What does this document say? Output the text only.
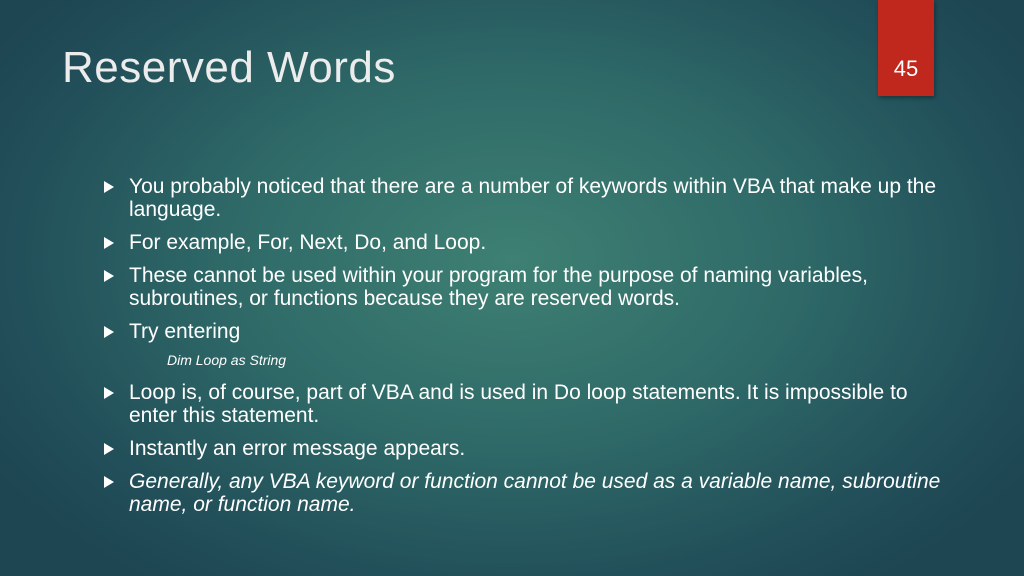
Reserved Words	45
You probably noticed that there are a number of keywords within VBA that make up the language.
For example, For, Next, Do, and Loop.
These cannot be used within your program for the purpose of naming variables, subroutines, or functions because they are reserved words.
Try entering
Dim Loop as String
Loop is, of course, part of VBA and is used in Do loop statements. It is impossible to enter this statement.
Instantly an error message appears.
Generally, any VBA keyword or function cannot be used as a variable name, subroutine name, or function name.
